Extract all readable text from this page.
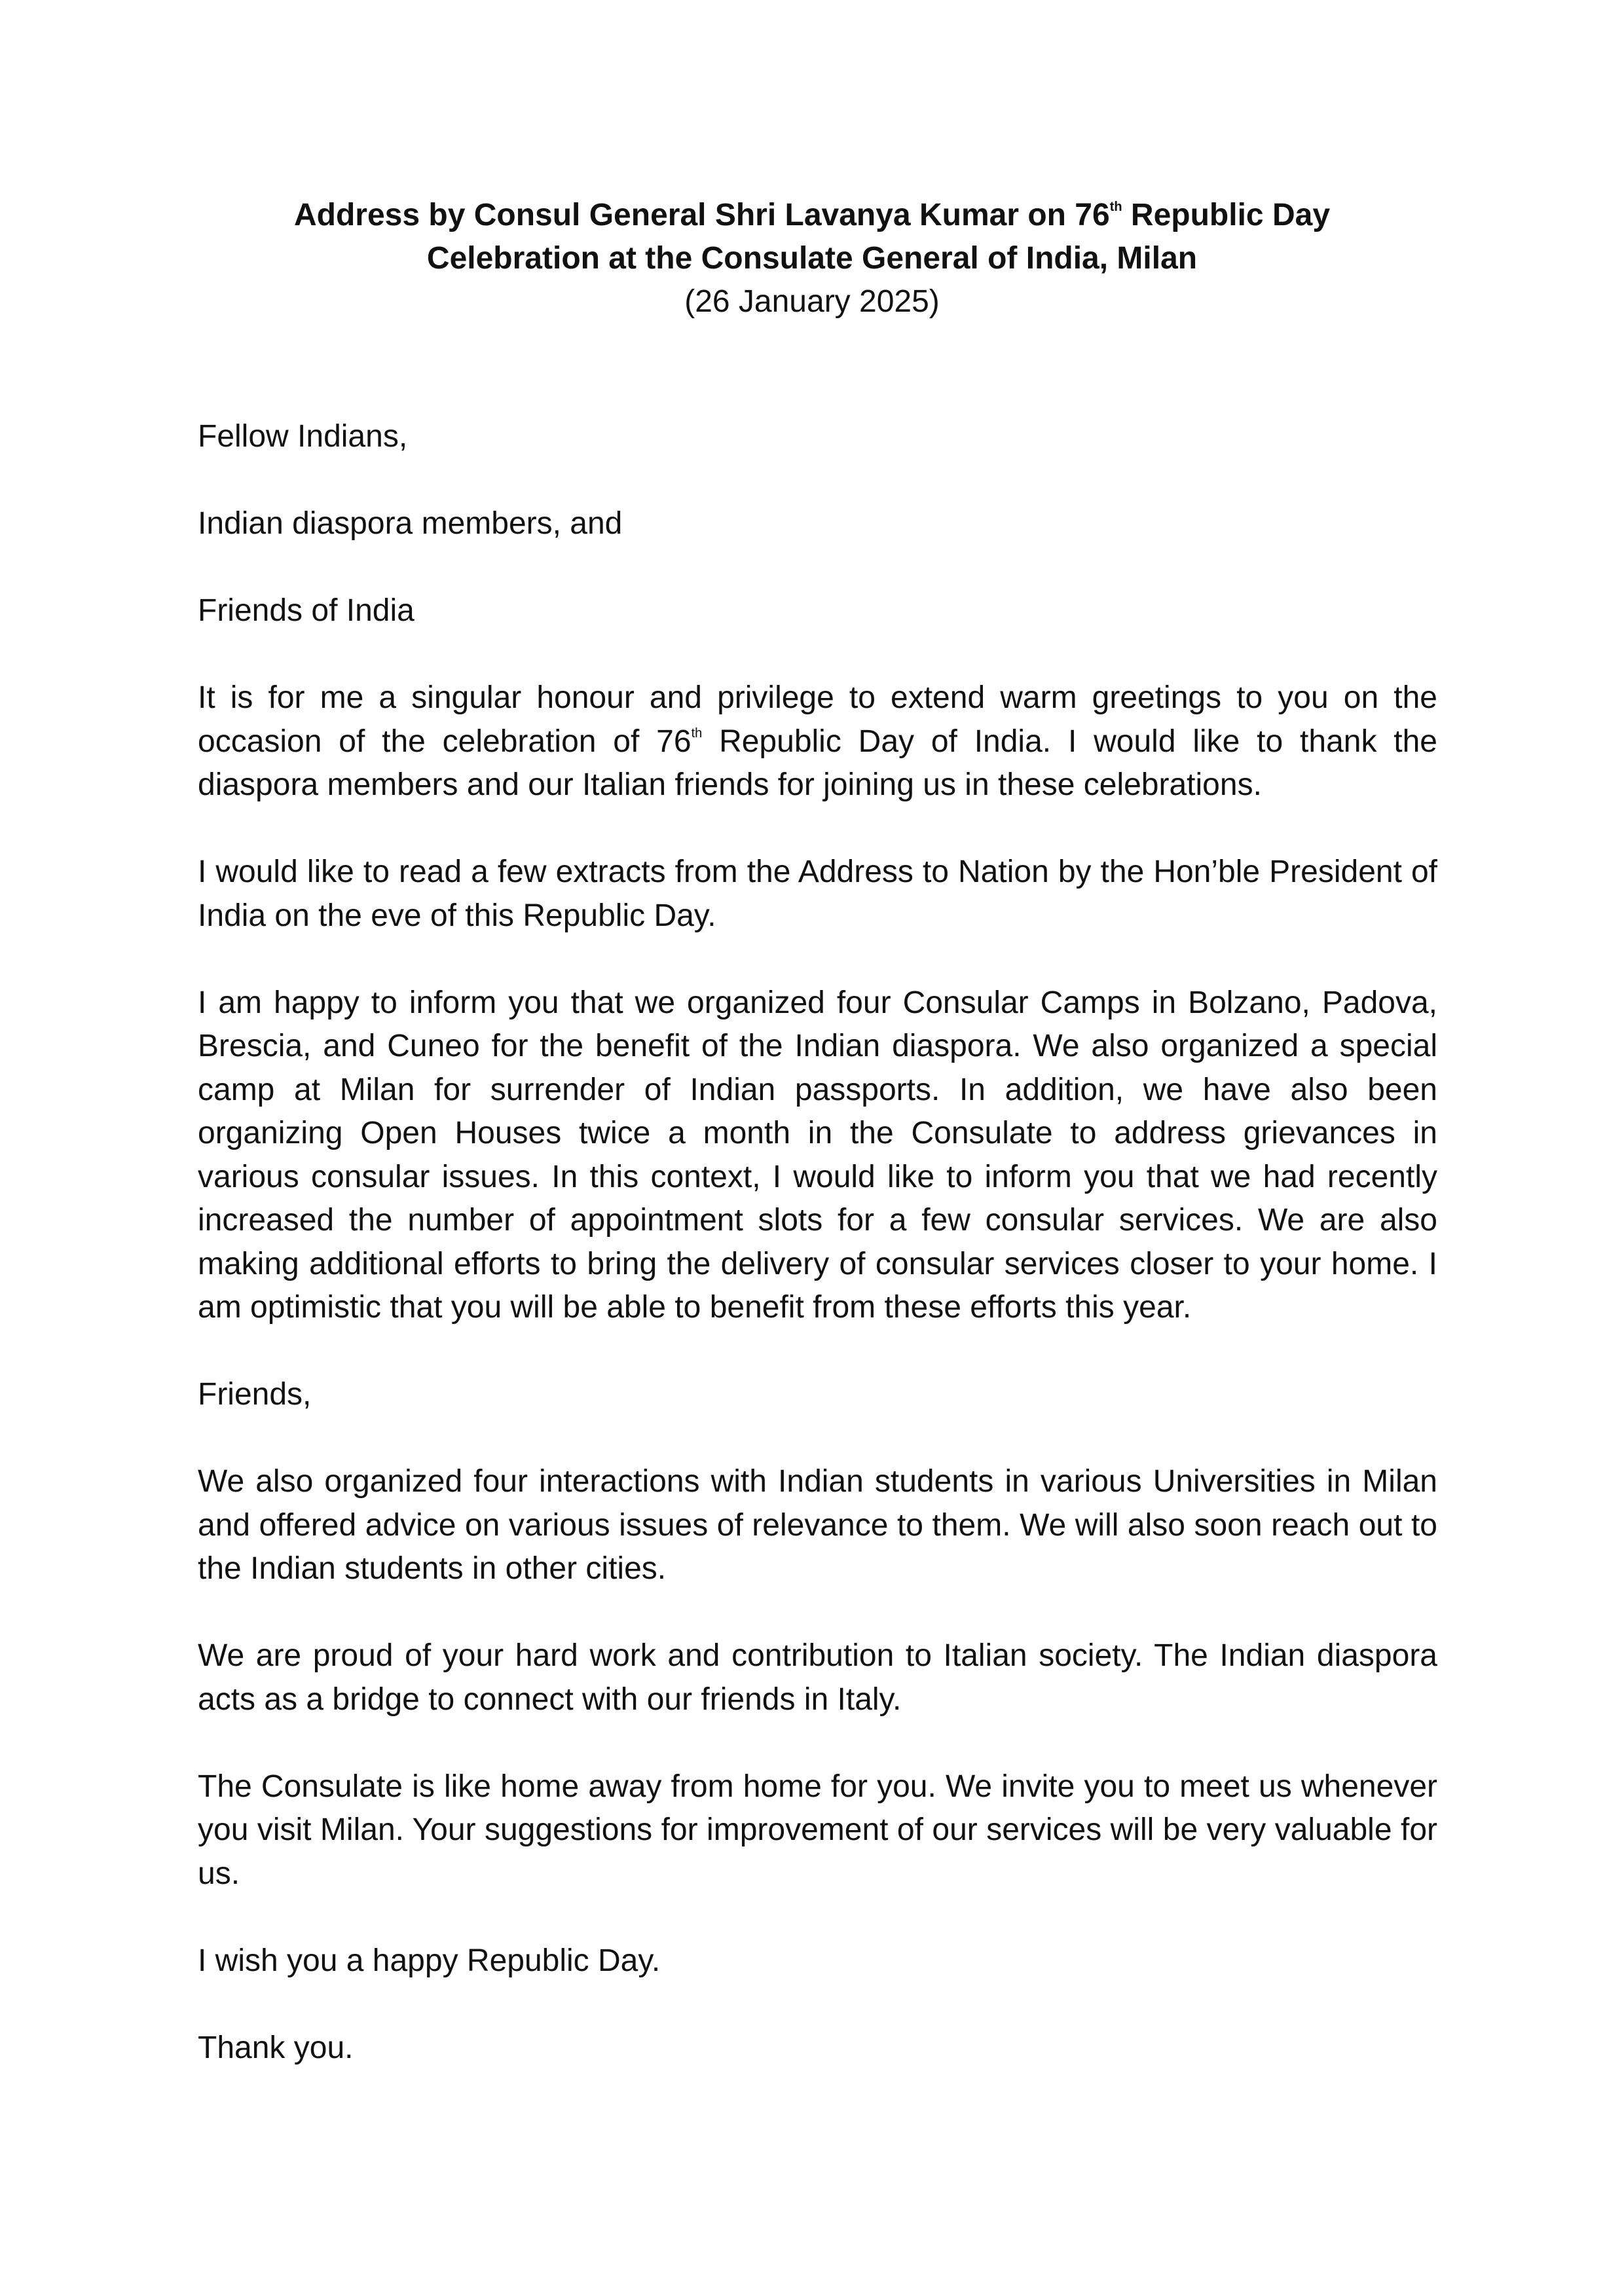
Address by Consul General Shri Lavanya Kumar on 76th Republic Day

Celebration at the Consulate General of India, Milan

(26 January 2025)

Fellow Indians,

Indian diaspora members, and

Friends of India

It is for me a singular honour and privilege to extend warm greetings to you on the occasion of the celebration of 76th Republic Day of India. I would like to thank the diaspora members and our Italian friends for joining us in these celebrations.

I would like to read a few extracts from the Address to Nation by the Hon’ble President of India on the eve of this Republic Day.

I am happy to inform you that we organized four Consular Camps in Bolzano, Padova, Brescia, and Cuneo for the benefit of the Indian diaspora. We also organized a special camp at Milan for surrender of Indian passports. In addition, we have also been organizing Open Houses twice a month in the Consulate to address grievances in various consular issues. In this context, I would like to inform you that we had recently increased the number of appointment slots for a few consular services. We are also making additional efforts to bring the delivery of consular services closer to your home. I am optimistic that you will be able to benefit from these efforts this year.

Friends,

We also organized four interactions with Indian students in various Universities in Milan and offered advice on various issues of relevance to them. We will also soon reach out to the Indian students in other cities.

We are proud of your hard work and contribution to Italian society. The Indian diaspora acts as a bridge to connect with our friends in Italy.

The Consulate is like home away from home for you. We invite you to meet us whenever you visit Milan. Your suggestions for improvement of our services will be very valuable for us.

I wish you a happy Republic Day.

Thank you.
